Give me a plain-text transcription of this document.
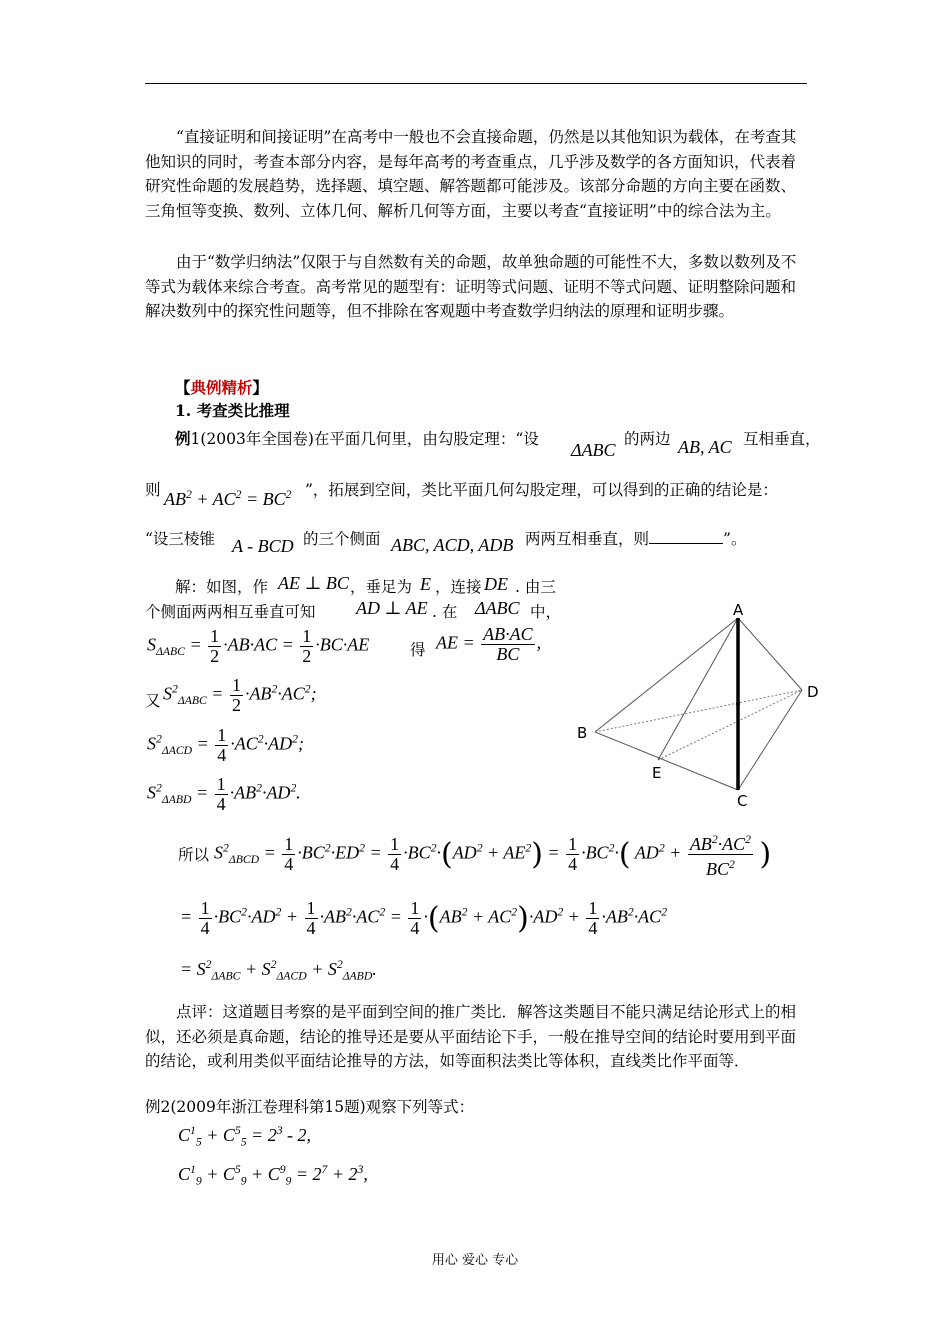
“直接证明和间接证明”在高考中一般也不会直接命题，仍然是以其他知识为载体，在考查其他知识的同时，考查本部分内容，是每年高考的考查重点，几乎涉及数学的各方面知识，代表着研究性命题的发展趋势，选择题、填空题、解答题都可能涉及。该部分命题的方向主要在函数、三角恒等变换、数列、立体几何、解析几何等方面，主要以考查“直接证明”中的综合法为主。
由于“数学归纳法”仅限于与自然数有关的命题，故单独命题的可能性不大，多数以数列及不等式为载体来综合考查。高考常见的题型有：证明等式问题、证明不等式问题、证明整除问题和解决数列中的探究性问题等，但不排除在客观题中考查数学归纳法的原理和证明步骤。
【典例精析】
1. 考查类比推理
例1(2003年全国卷)在平面几何里，由勾股定理：“设
ΔABC
的两边 AB, AC 互相垂直，
则 $AB^2 + AC^2 = BC^2$ ”，拓展到空间，类比平面几何勾股定理，可以得到的正确的结论是：
“设三棱锥 A - BCD 的三个侧面 ABC, ACD, ADB 两两互相垂直，则	”。
解：如图，作 AE ⊥ BC ，垂足为 E ，连接 DE . 由三
个侧面两两相互垂直可知 AD ⊥ AE . 在 ΔABC 中，
$S_{\Delta ABC} = \frac{1}{2} \cdot AB\cdot AC = \frac{1}{2} \cdot BC\cdot AE$	得 AE = $\frac{AB\cdot AC}{BC}$ ,
又 $S^2_{\Delta ABC} = \frac{1}{2} \cdot AB^2\cdot AC^2$;
$S^2_{\Delta ACD} = \frac{1}{4} \cdot AC^2\cdot AD^2$;
$S^2_{\Delta ABD} = \frac{1}{4} \cdot AB^2\cdot AD^2$.
A
B
C
D
E
所以 $S^2_{\Delta BCD} = \frac{1}{4} \cdot BC^2\cdot ED^2 = \frac{1}{4} \cdot BC^2\cdot(AD^2 + AE^2) = \frac{1}{4} \cdot BC^2\cdot$( $AD^2 + \frac{AB^2\cdot AC^2}{BC^2}$ )
= $\frac{1}{4} \cdot BC^2\cdot AD^2 + \frac{1}{4} \cdot AB^2\cdot AC^2 = \frac{1}{4} \cdot(AB^2 + AC^2)\cdot AD^2 + \frac{1}{4} \cdot AB^2\cdot AC^2$
= $S^2_{\Delta ABC} + S^2_{\Delta ACD} + S^2_{\Delta ABD}$.
点评：这道题目考察的是平面到空间的推广类比．解答这类题目不能只满足结论形式上的相似，还必须是真命题，结论的推导还是要从平面结论下手，一般在推导空间的结论时要用到平面的结论，或利用类似平面结论推导的方法，如等面积法类比等体积，直线类比作平面等．
例2(2009年浙江卷理科第15题)观察下列等式：
$C^1_5 + C^5_5 = 2^3 - 2$,
$C^1_9 + C^5_9 + C^9_9 = 2^7 + 2^3$,
用心 爱心 专心
